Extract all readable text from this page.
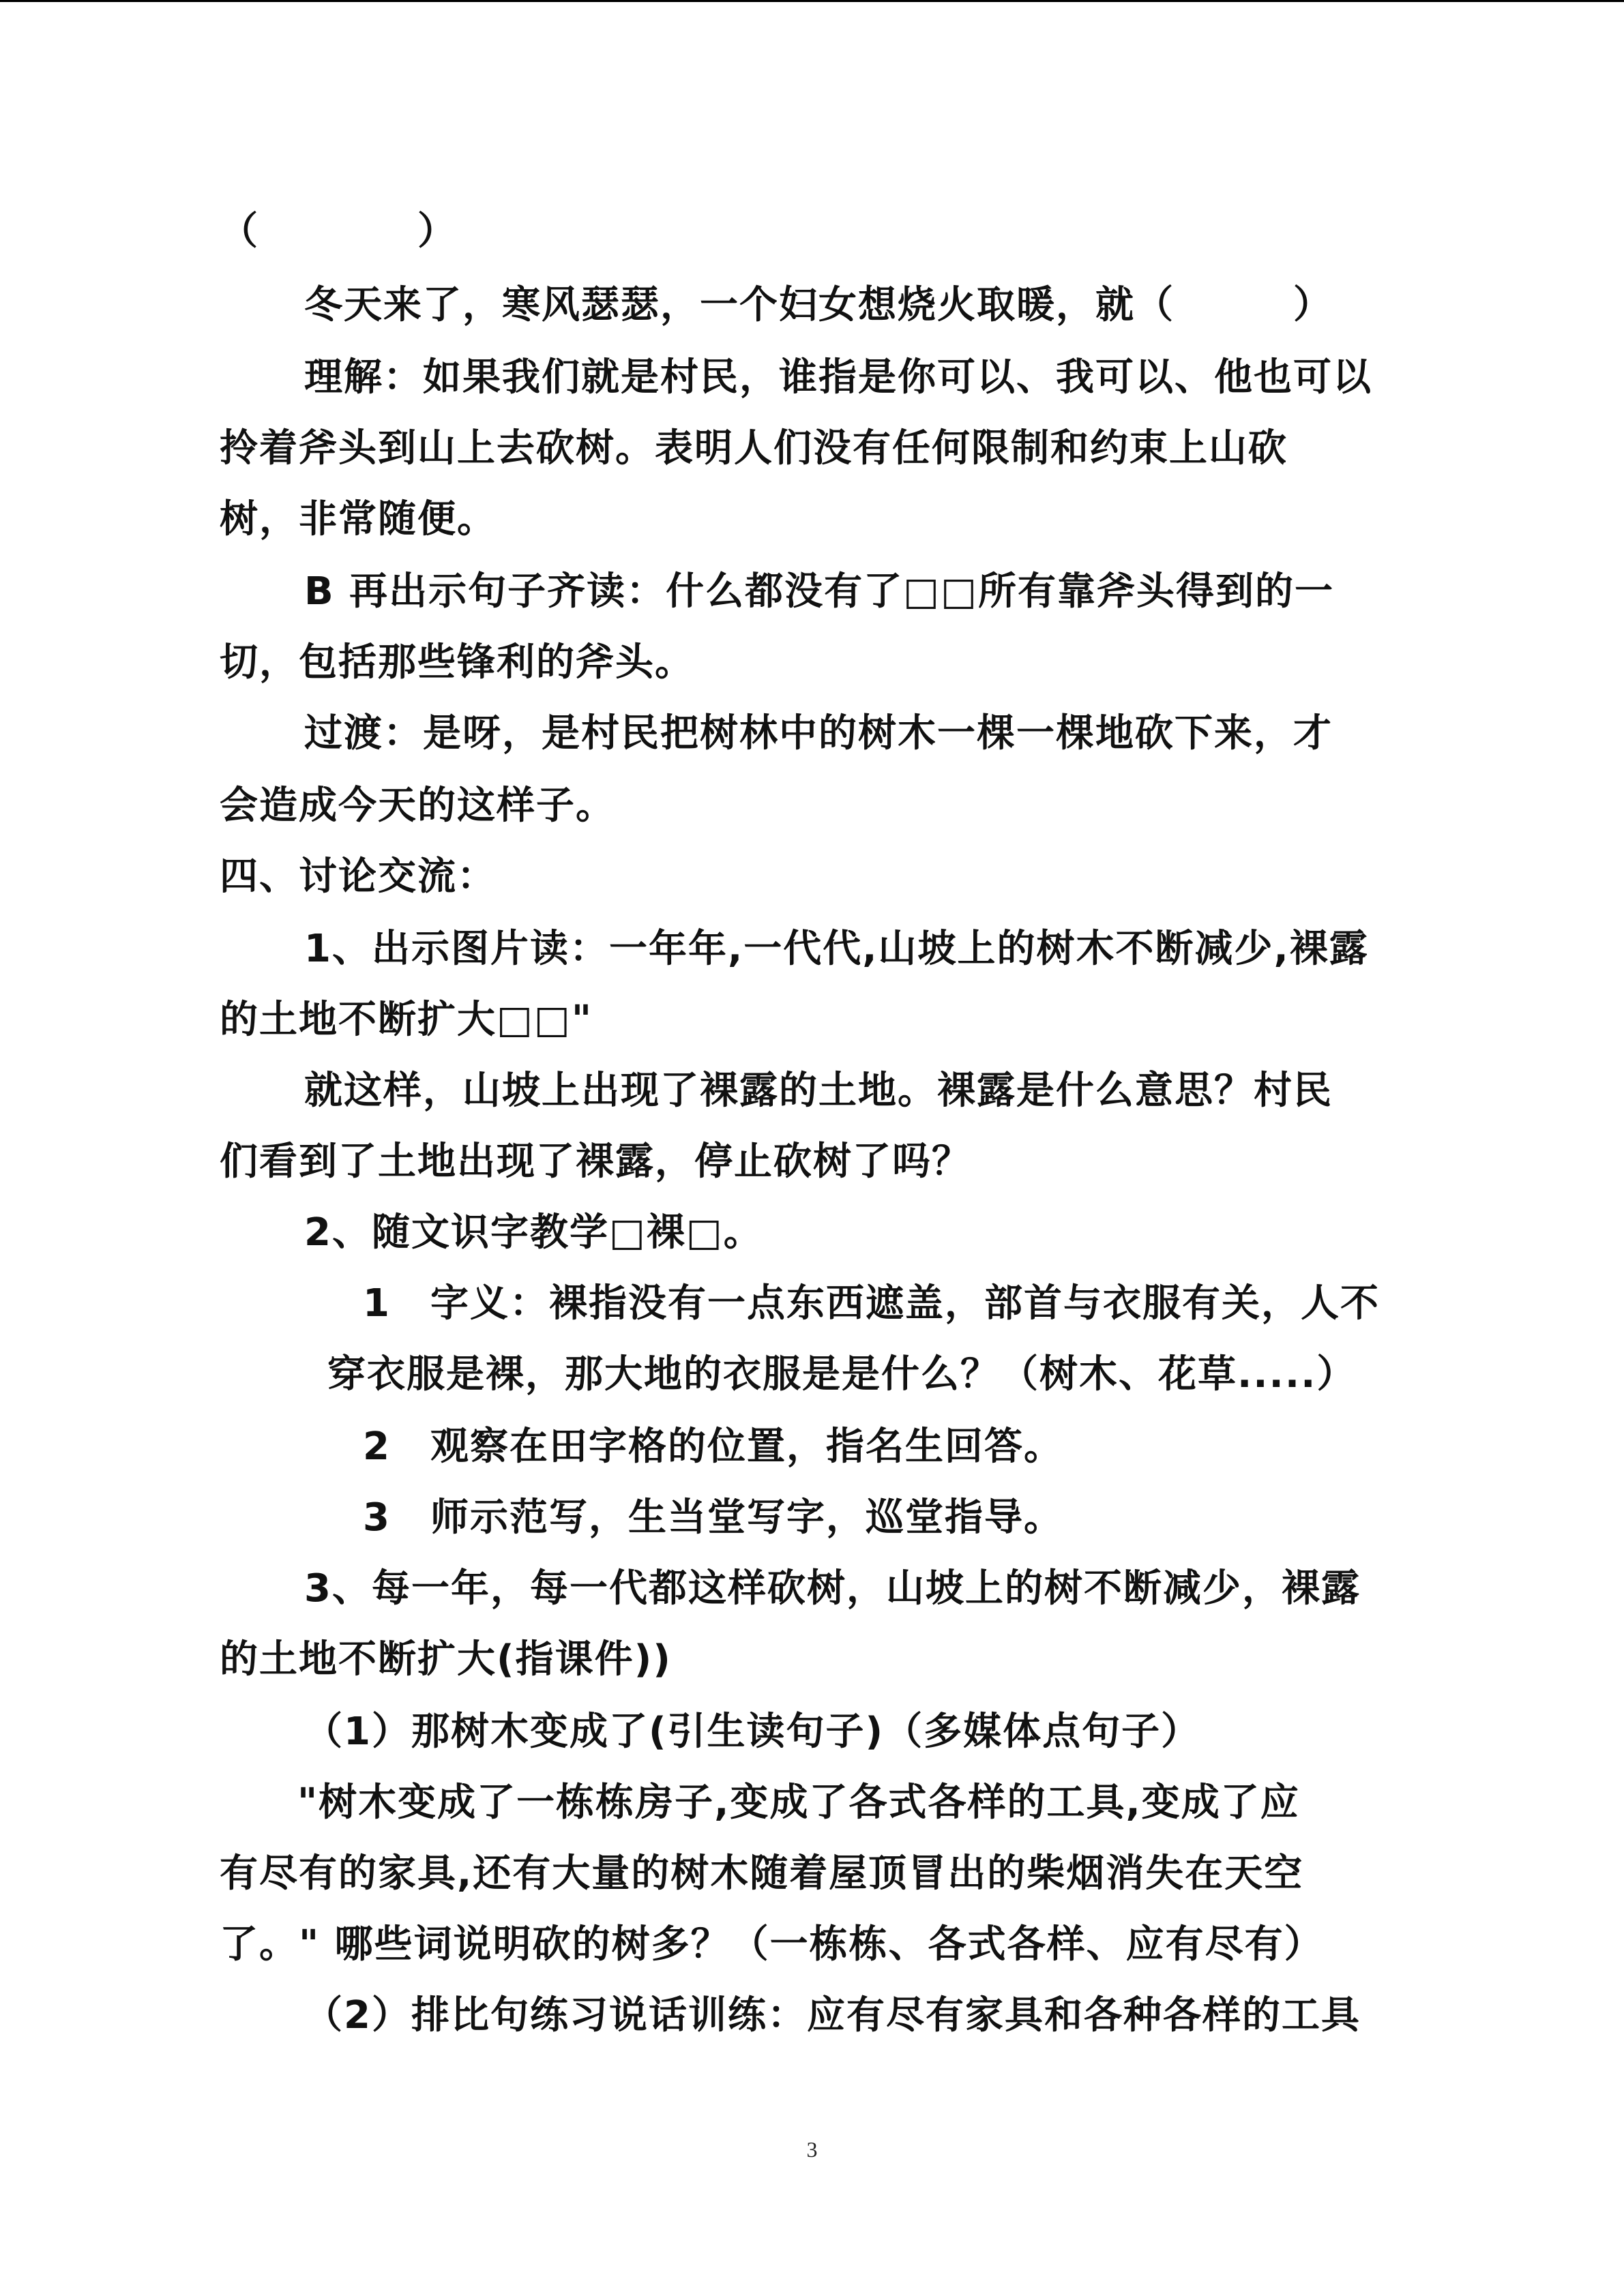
（　　　　）
冬天来了，寒风瑟瑟，一个妇女想烧火取暖，就（　　　）
理解：如果我们就是村民，谁指是你可以、我可以、他也可以
拎着斧头到山上去砍树。表明人们没有任何限制和约束上山砍
树，非常随便。
B 再出示句子齐读：什么都没有了□□所有靠斧头得到的一
切，包括那些锋利的斧头。
过渡：是呀，是村民把树林中的树木一棵一棵地砍下来，才
会造成今天的这样子。
四、讨论交流：
1、出示图片读：一年年,一代代,山坡上的树木不断减少,裸露
的土地不断扩大□□"
就这样，山坡上出现了裸露的土地。裸露是什么意思？村民
们看到了土地出现了裸露，停止砍树了吗？
2、随文识字教学□裸□。
1　字义：裸指没有一点东西遮盖，部首与衣服有关，人不
穿衣服是裸，那大地的衣服是是什么？（树木、花草.....）
2　观察在田字格的位置，指名生回答。
3　师示范写，生当堂写字，巡堂指导。
3、每一年，每一代都这样砍树，山坡上的树不断减少，裸露
的土地不断扩大(指课件))
（1）那树木变成了(引生读句子)（多媒体点句子）
"树木变成了一栋栋房子,变成了各式各样的工具,变成了应
有尽有的家具,还有大量的树木随着屋顶冒出的柴烟消失在天空
了。" 哪些词说明砍的树多？（一栋栋、各式各样、应有尽有）
（2）排比句练习说话训练：应有尽有家具和各种各样的工具
3
